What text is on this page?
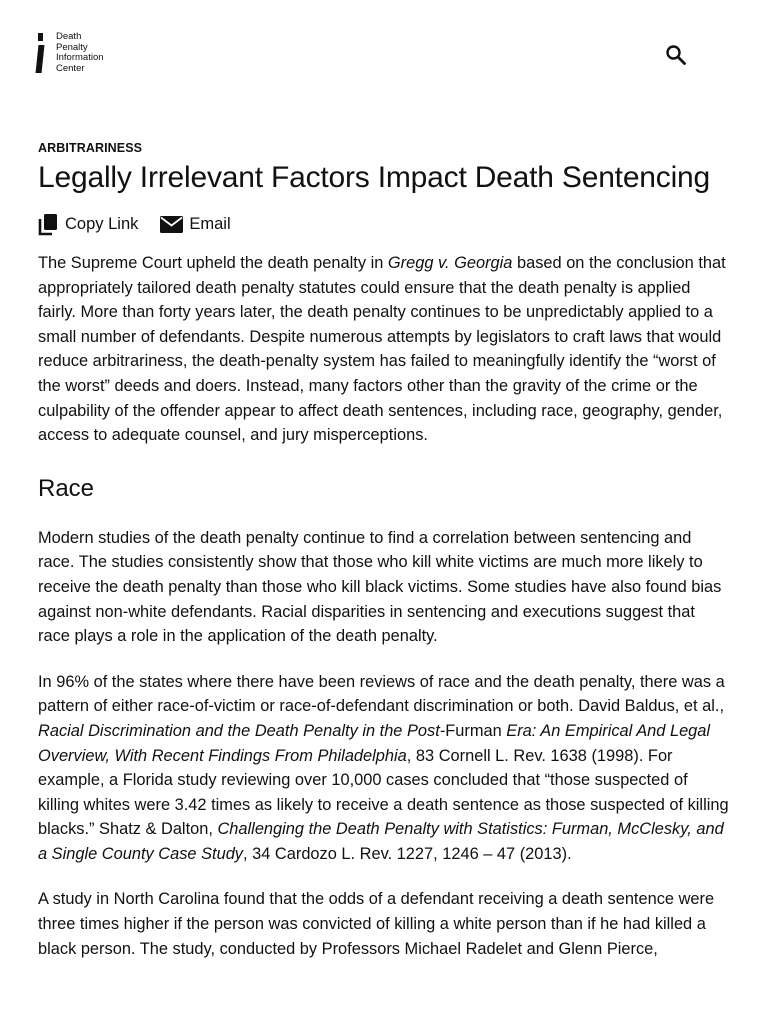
Death
Penalty
Information
Center
ARBITRARINESS
Legally Irrelevant Factors Impact Death Sentencing
Copy Link	Email

The Supreme Court upheld the death penalty in Gregg v. Georgia based on the conclusion that appropriately tailored death penalty statutes could ensure that the death penalty is applied fairly. More than forty years later, the death penalty continues to be unpredictably applied to a small number of defendants. Despite numerous attempts by legislators to craft laws that would reduce arbitrariness, the death-penalty system has failed to meaningfully identify the “worst of the worst” deeds and doers. Instead, many factors other than the gravity of the crime or the culpability of the offender appear to affect death sentences, including race, geography, gender, access to adequate counsel, and jury misperceptions.

Race

Modern studies of the death penalty continue to find a correlation between sentencing and race. The studies consistently show that those who kill white victims are much more likely to receive the death penalty than those who kill black victims. Some studies have also found bias against non-white defendants. Racial disparities in sentencing and executions suggest that race plays a role in the application of the death penalty.

In 96% of the states where there have been reviews of race and the death penalty, there was a pattern of either race-of-victim or race-of-defendant discrimination or both. David Baldus, et al., Racial Discrimination and the Death Penalty in the Post-Furman Era: An Empirical And Legal Overview, With Recent Findings From Philadelphia, 83 Cornell L. Rev. 1638 (1998). For example, a Florida study reviewing over 10,000 cases concluded that “those suspected of killing whites were 3.42 times as likely to receive a death sentence as those suspected of killing blacks.” Shatz & Dalton, Challenging the Death Penalty with Statistics: Furman, McClesky, and a Single County Case Study, 34 Cardozo L. Rev. 1227, 1246 – 47 (2013).

A study in North Carolina found that the odds of a defendant receiving a death sentence were three times higher if the person was convicted of killing a white person than if he had killed a black person. The study, conducted by Professors Michael Radelet and Glenn Pierce,
